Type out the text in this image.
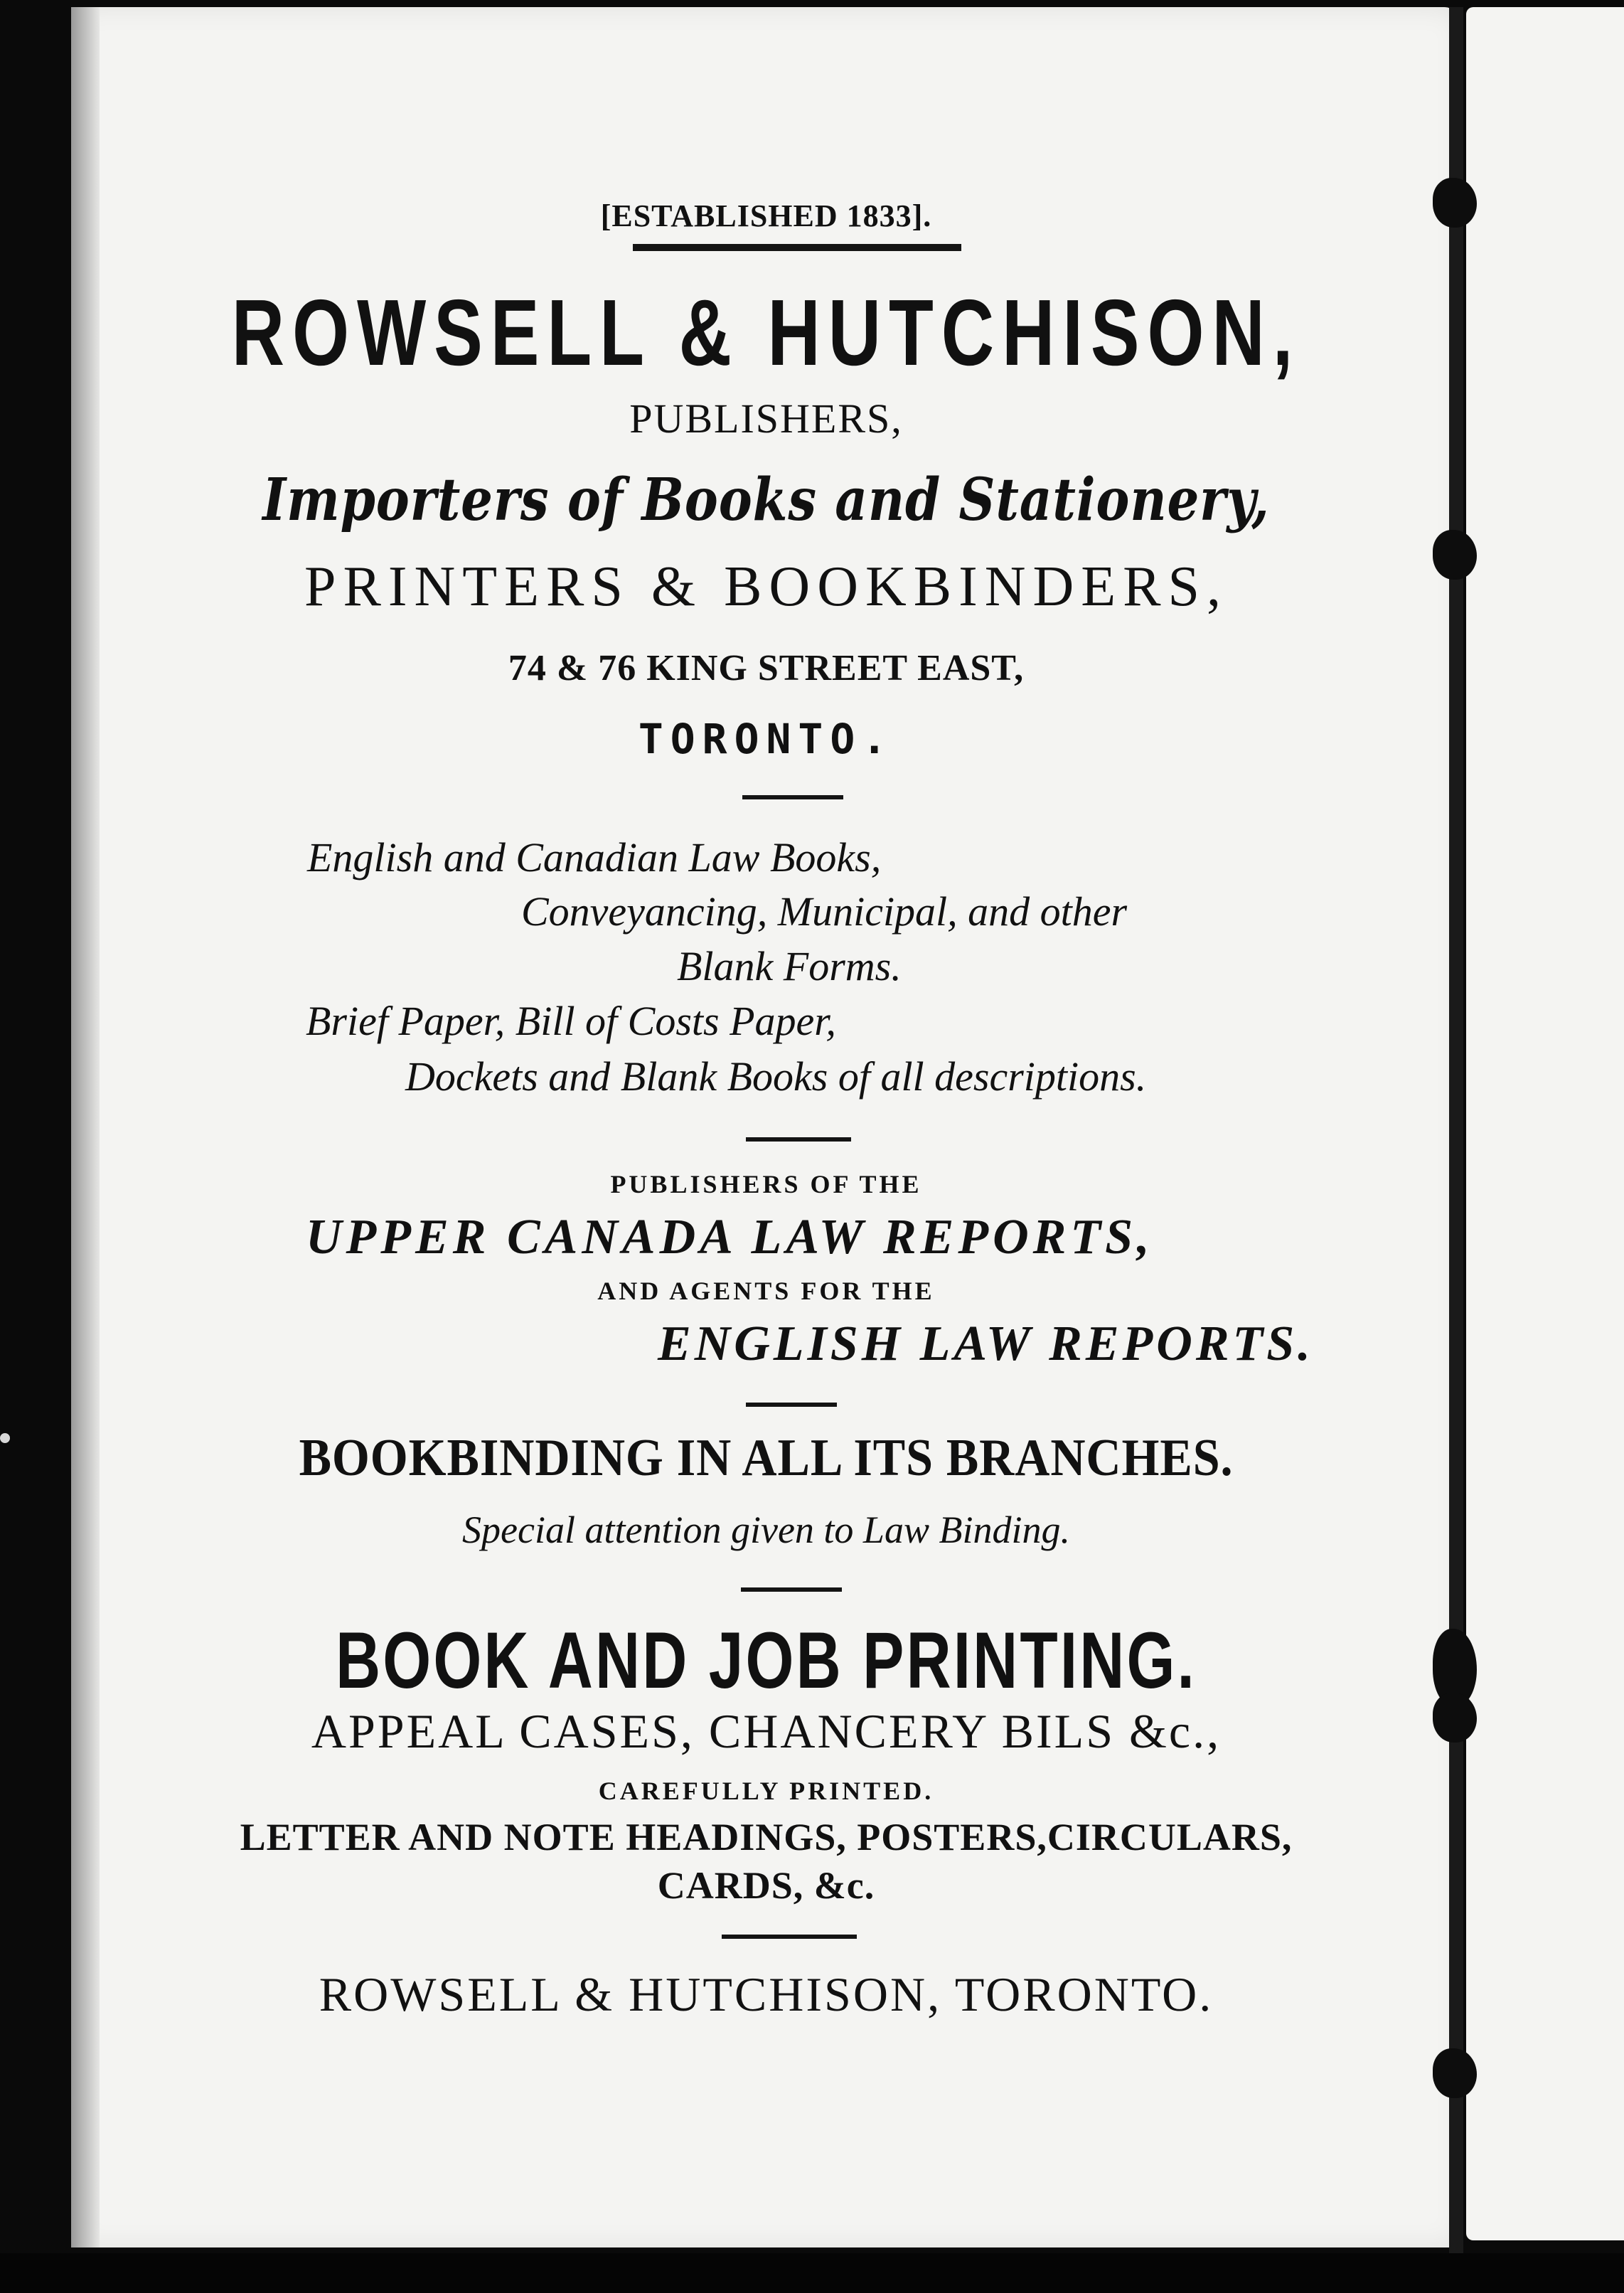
[ESTABLISHED 1833].

ROWSELL & HUTCHISON,

PUBLISHERS,

Importers of Books and Stationery,

PRINTERS & BOOKBINDERS,

74 & 76 KING STREET EAST,

TORONTO.

English and Canadian Law Books,

Conveyancing, Municipal, and other

Blank Forms.

Brief Paper, Bill of Costs Paper,

Dockets and Blank Books of all descriptions.

PUBLISHERS OF THE

UPPER CANADA LAW REPORTS,

AND AGENTS FOR THE

ENGLISH LAW REPORTS.

BOOKBINDING IN ALL ITS BRANCHES.

Special attention given to Law Binding.

BOOK AND JOB PRINTING.

APPEAL CASES, CHANCERY BILS &c.,

CAREFULLY PRINTED.

LETTER AND NOTE HEADINGS, POSTERS,CIRCULARS,

CARDS, &c.

ROWSELL & HUTCHISON, TORONTO.
